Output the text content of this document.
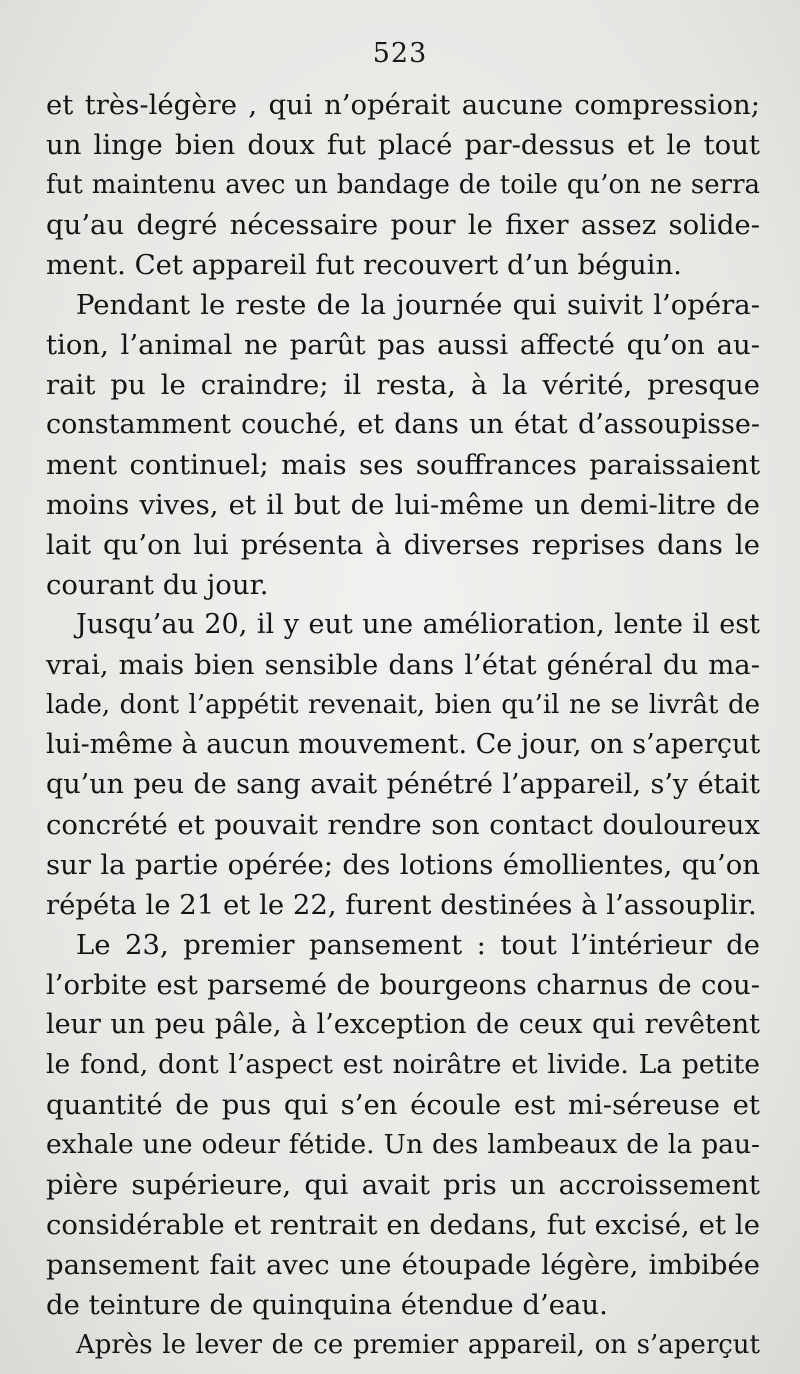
523
et très-légère , qui n’opérait aucune compression;
un linge bien doux fut placé par-dessus et le tout
fut maintenu avec un bandage de toile qu’on ne serra
qu’au degré nécessaire pour le fixer assez solide-
ment. Cet appareil fut recouvert d’un béguin.
Pendant le reste de la journée qui suivit l’opéra-
tion, l’animal ne parût pas aussi affecté qu’on au-
rait pu le craindre; il resta, à la vérité, presque
constamment couché, et dans un état d’assoupisse-
ment continuel; mais ses souffrances paraissaient
moins vives, et il but de lui-même un demi-litre de
lait qu’on lui présenta à diverses reprises dans le
courant du jour.
Jusqu’au 20, il y eut une amélioration, lente il est
vrai, mais bien sensible dans l’état général du ma-
lade, dont l’appétit revenait, bien qu’il ne se livrât de
lui-même à aucun mouvement. Ce jour, on s’aperçut
qu’un peu de sang avait pénétré l’appareil, s’y était
concrété et pouvait rendre son contact douloureux
sur la partie opérée; des lotions émollientes, qu’on
répéta le 21 et le 22, furent destinées à l’assouplir.
Le 23, premier pansement : tout l’intérieur de
l’orbite est parsemé de bourgeons charnus de cou-
leur un peu pâle, à l’exception de ceux qui revêtent
le fond, dont l’aspect est noirâtre et livide. La petite
quantité de pus qui s’en écoule est mi-séreuse et
exhale une odeur fétide. Un des lambeaux de la pau-
pière supérieure, qui avait pris un accroissement
considérable et rentrait en dedans, fut excisé, et le
pansement fait avec une étoupade légère, imbibée
de teinture de quinquina étendue d’eau.
Après le lever de ce premier appareil, on s’aperçut
